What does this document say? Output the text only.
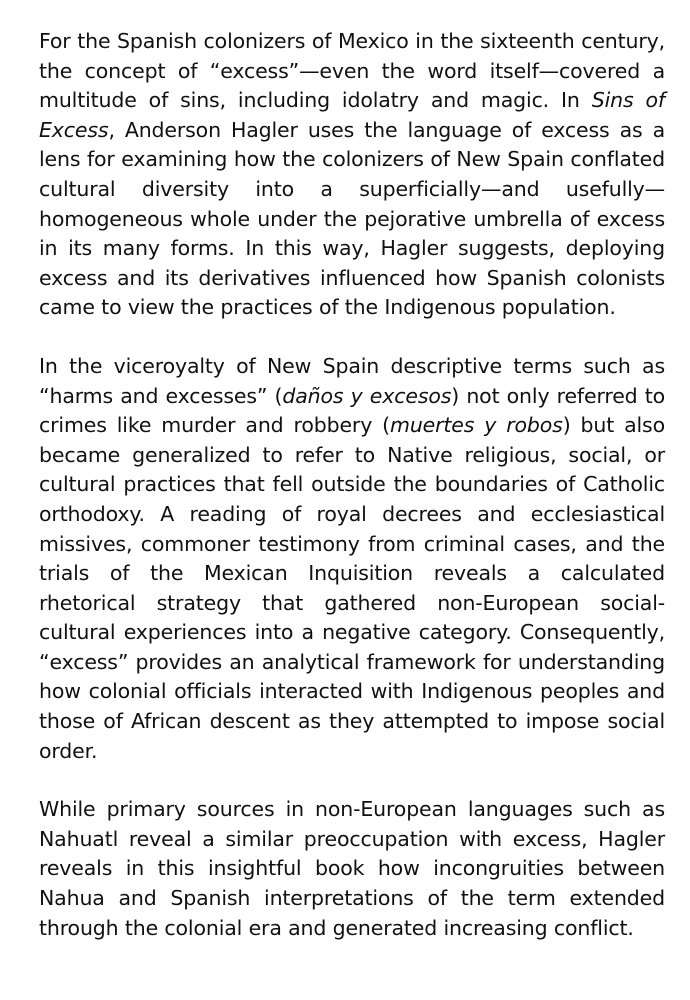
For the Spanish colonizers of Mexico in the sixteenth century, the concept of “excess”—even the word itself—covered a multitude of sins, including idolatry and magic. In Sins of Excess, Anderson Hagler uses the language of excess as a lens for examining how the colonizers of New Spain conflated cultural diversity into a superficially—and usefully—homogeneous whole under the pejorative umbrella of excess in its many forms. In this way, Hagler suggests, deploying excess and its derivatives influenced how Spanish colonists came to view the practices of the Indigenous population.

In the viceroyalty of New Spain descriptive terms such as “harms and excesses” (daños y excesos) not only referred to crimes like murder and robbery (muertes y robos) but also became generalized to refer to Native religious, social, or cultural practices that fell outside the boundaries of Catholic orthodoxy. A reading of royal decrees and ecclesiastical missives, commoner testimony from criminal cases, and the trials of the Mexican Inquisition reveals a calculated rhetorical strategy that gathered non-European social-cultural experiences into a negative category. Consequently, “excess” provides an analytical framework for understanding how colonial officials interacted with Indigenous peoples and those of African descent as they attempted to impose social order.

While primary sources in non-European languages such as Nahuatl reveal a similar preoccupation with excess, Hagler reveals in this insightful book how incongruities between Nahua and Spanish interpretations of the term extended through the colonial era and generated increasing conflict.
